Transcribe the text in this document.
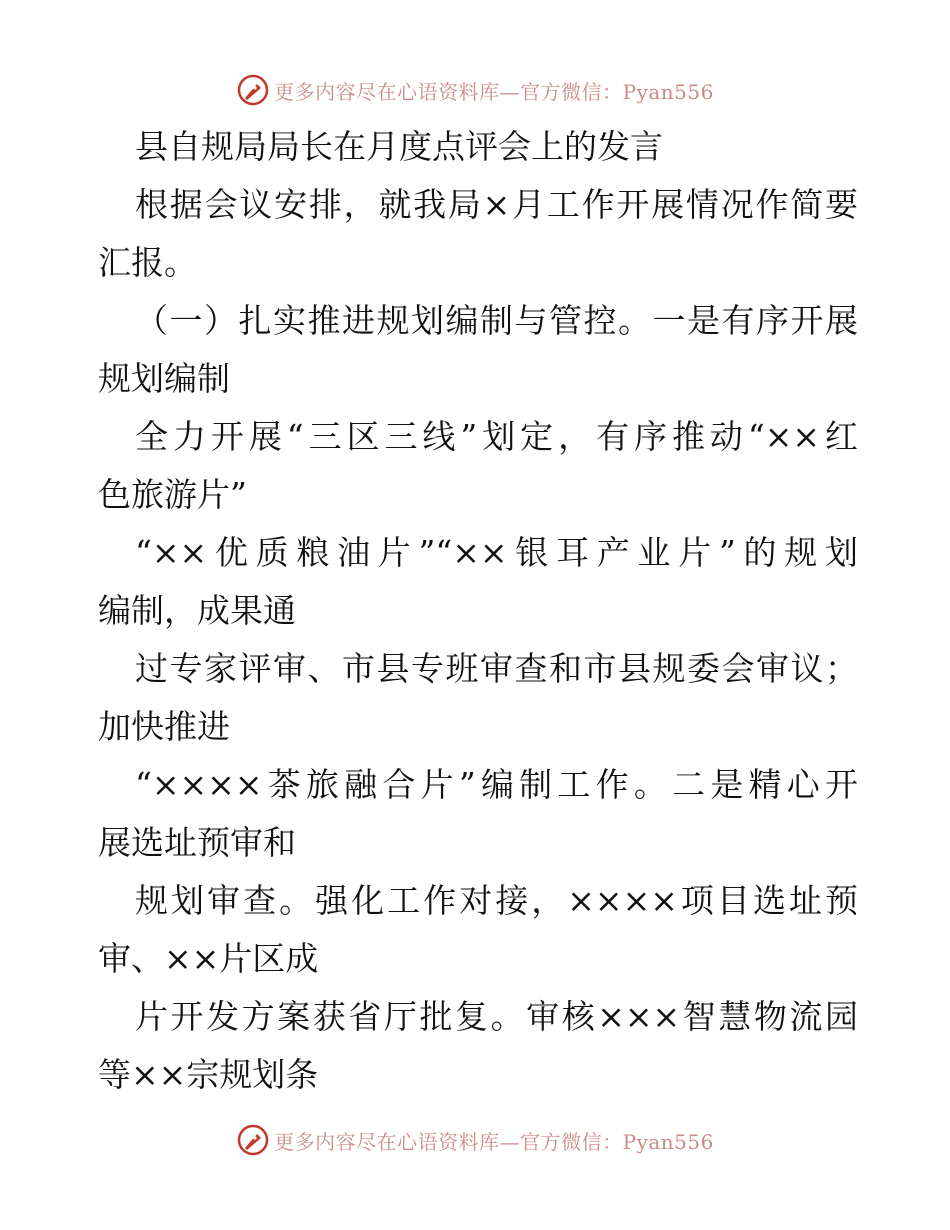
更多内容尽在心语资料库—官方微信：Pyan556
县自规局局长在月度点评会上的发言
根据会议安排，就我局×月工作开展情况作简要
汇报。
（一）扎实推进规划编制与管控。一是有序开展
规划编制
全力开展“三区三线”划定，有序推动“××红
色旅游片”
“××优质粮油片”“××银耳产业片”的规划
编制，成果通
过专家评审、市县专班审查和市县规委会审议；
加快推进
“××××茶旅融合片”编制工作。二是精心开
展选址预审和
规划审查。强化工作对接，××××项目选址预
审、××片区成
片开发方案获省厅批复。审核×××智慧物流园
等××宗规划条
更多内容尽在心语资料库—官方微信：Pyan556
